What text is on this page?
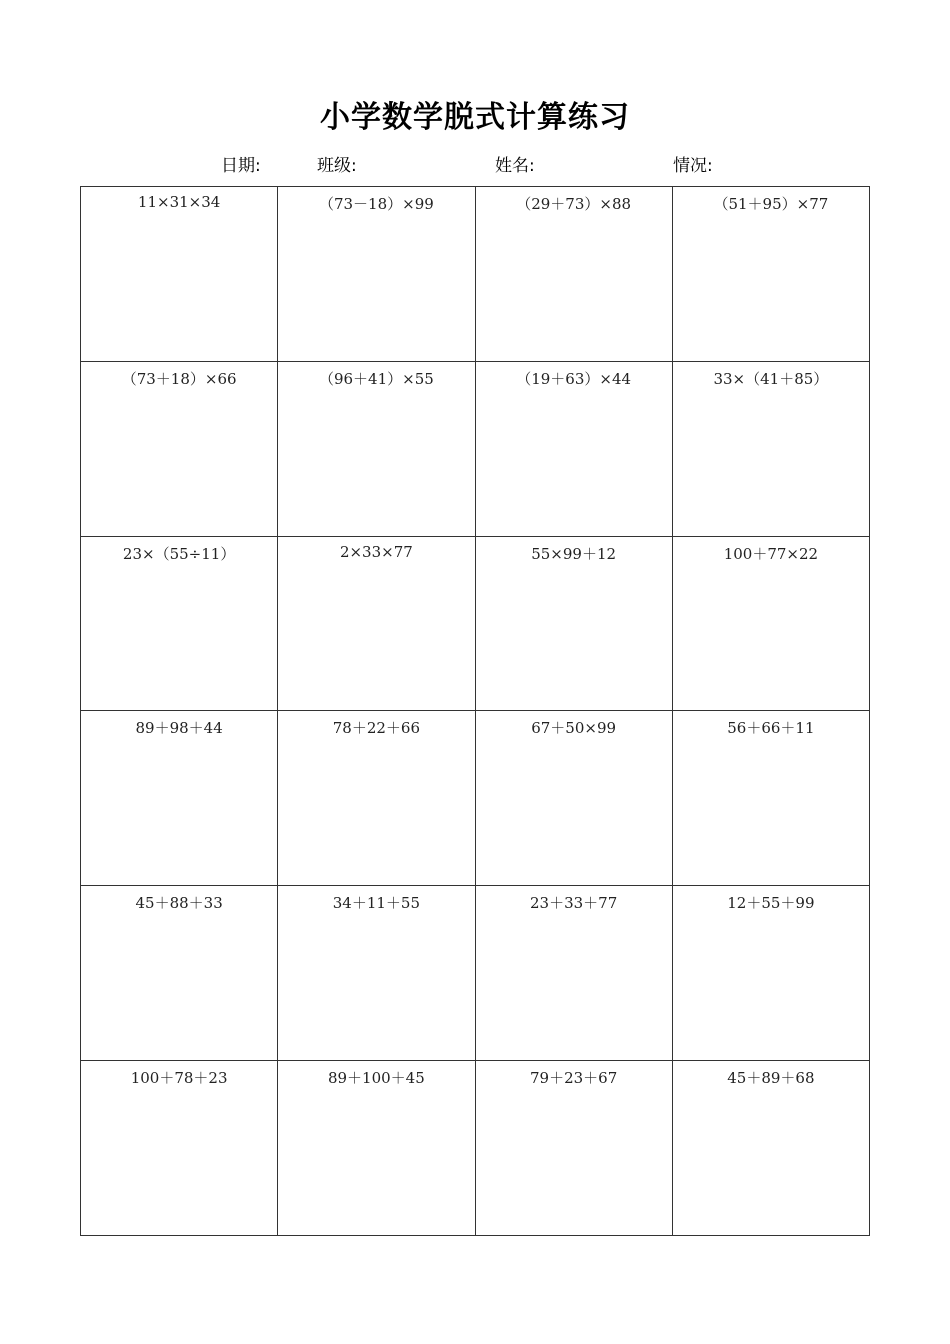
小学数学脱式计算练习
日期:	班级:	姓名:	情况:
11×31×34	（73－18）×99	（29＋73）×88	（51＋95）×77
（73＋18）×66	（96＋41）×55	（19＋63）×44	33×（41＋85）
23×（55÷11）	2×33×77	55×99＋12	100＋77×22
89＋98＋44	78＋22＋66	67＋50×99	56＋66＋11
45＋88＋33	34＋11＋55	23＋33＋77	12＋55＋99
100＋78＋23	89＋100＋45	79＋23＋67	45＋89＋68
